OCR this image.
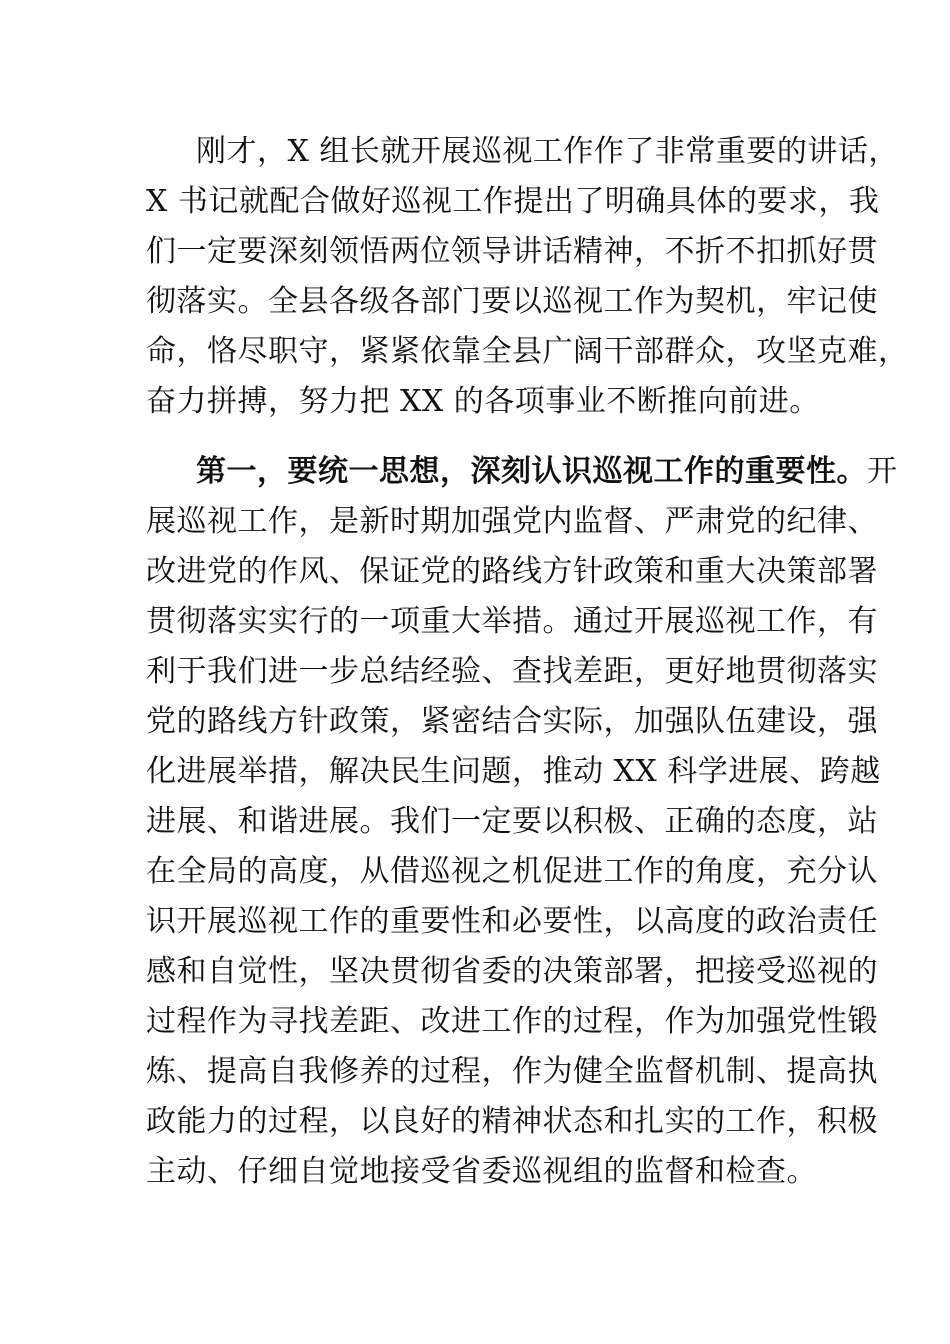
刚才，X 组长就开展巡视工作作了非常重要的讲话，
X 书记就配合做好巡视工作提出了明确具体的要求，我
们一定要深刻领悟两位领导讲话精神，不折不扣抓好贯
彻落实。全县各级各部门要以巡视工作为契机，牢记使
命，恪尽职守，紧紧依靠全县广阔干部群众，攻坚克难，
奋力拼搏，努力把 XX 的各项事业不断推向前进。
第一，要统一思想，深刻认识巡视工作的重要性。开
展巡视工作，是新时期加强党内监督、严肃党的纪律、
改进党的作风、保证党的路线方针政策和重大决策部署
贯彻落实实行的一项重大举措。通过开展巡视工作，有
利于我们进一步总结经验、查找差距，更好地贯彻落实
党的路线方针政策，紧密结合实际，加强队伍建设，强
化进展举措，解决民生问题，推动 XX 科学进展、跨越
进展、和谐进展。我们一定要以积极、正确的态度，站
在全局的高度，从借巡视之机促进工作的角度，充分认
识开展巡视工作的重要性和必要性，以高度的政治责任
感和自觉性，坚决贯彻省委的决策部署，把接受巡视的
过程作为寻找差距、改进工作的过程，作为加强党性锻
炼、提高自我修养的过程，作为健全监督机制、提高执
政能力的过程，以良好的精神状态和扎实的工作，积极
主动、仔细自觉地接受省委巡视组的监督和检查。
